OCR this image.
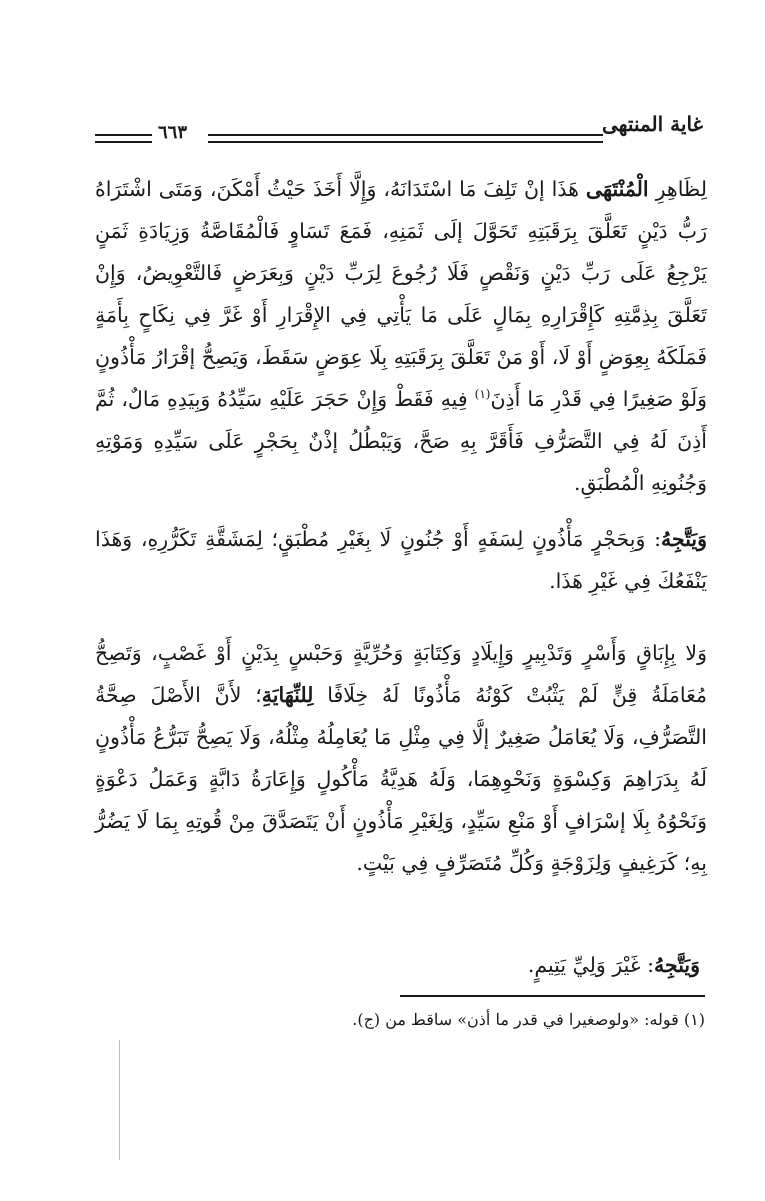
غاية المنتهى
٦٦٣
لِظَاهِرِ الْمُنْتَهَى هَذَا إنْ تَلِفَ مَا اسْتَدَانَهُ، وَإِلَّا أَخَذَ حَيْثُ أَمْكَنَ، وَمَتَى اشْتَرَاهُ رَبُّ دَيْنٍ تَعَلَّقَ بِرَقَبَتِهِ تَحَوَّلَ إلَى ثَمَنِهِ، فَمَعَ تَسَاوٍ فَالْمُقَاصَّةُ وَزِيَادَةِ ثَمَنٍ يَرْجِعُ عَلَى رَبِّ دَيْنٍ وَنَقْصٍ فَلَا رُجُوعَ لِرَبِّ دَيْنٍ وَبِعَرَضٍ فَالتَّعْوِيضُ، وَإِنْ تَعَلَّقَ بِذِمَّتِهِ كَإِقْرَارِهِ بِمَالٍ عَلَى مَا يَأْتِي فِي الإِقْرَارِ أَوْ غَرَّ فِي نِكَاحٍ بِأَمَةٍ فَمَلَكَهُ بِعِوَضٍ أَوْ لَا، أَوْ مَنْ تَعَلَّقَ بِرَقَبَتِهِ بِلَا عِوَضٍ سَقَطَ، وَيَصِحُّ إقْرَارُ مَأْذُونٍ وَلَوْ صَغِيرًا فِي قَدْرِ مَا أَذِنَ$^{(١)}$ فِيهِ فَقَطْ وَإِنْ حَجَرَ عَلَيْهِ سَيِّدُهُ وَبِيَدِهِ مَالٌ، ثُمَّ أَذِنَ لَهُ فِي التَّصَرُّفِ فَأَقَرَّ بِهِ صَحَّ، وَيَبْطُلُ إذْنٌ بِحَجْرٍ عَلَى سَيِّدِهِ وَمَوْتِهِ وَجُنُونِهِ الْمُطْبَقِ.
وَيَتَّجِهُ: وَبِحَجْرٍ مَأْذُونٍ لِسَفَهٍ أَوْ جُنُونٍ لَا بِغَيْرِ مُطْبَقٍ؛ لِمَشَقَّةِ تَكَرُّرِهِ، وَهَذَا يَنْفَعُكَ فِي غَيْرِ هَذَا.
وَلا بِإِبَاقٍ وَأَسْرٍ وَتَدْبِيرٍ وَإِيلَادٍ وَكِتَابَةٍ وَحُرِّيَّةٍ وَحَبْسٍ بِدَيْنٍ أَوْ غَصْبٍ، وَتَصِحُّ مُعَامَلَةُ قِنٍّ لَمْ يَثْبُتْ كَوْنُهُ مَأْذُونًا لَهُ خِلَافًا لِلنِّهَايَةِ؛ لأَنَّ الأَصْلَ صِحَّةُ التَّصَرُّفِ، وَلَا يُعَامَلُ صَغِيرٌ إلَّا فِي مِثْلِ مَا يُعَامِلُهُ مِثْلُهُ، وَلَا يَصِحُّ تَبَرُّعُ مَأْذُونٍ لَهُ بِدَرَاهِمَ وَكِسْوَةٍ وَنَحْوِهِمَا، وَلَهُ هَدِيَّةُ مَأْكُولٍ وَإِعَارَةُ دَابَّةٍ وَعَمَلُ دَعْوَةٍ وَنَحْوُهُ بِلَا إسْرَافٍ أَوْ مَنْعِ سَيِّدٍ، وَلِغَيْرِ مَأْذُونٍ أَنْ يَتَصَدَّقَ مِنْ قُوتِهِ بِمَا لَا يَضُرُّ بِهِ؛ كَرَغِيفٍ وَلِزَوْجَةٍ وَكُلِّ مُتَصَرِّفٍ فِي بَيْتٍ.
وَيَتَّجِهُ: غَيْرَ وَلِيِّ يَتِيمٍ.
(١) قوله: «ولوصغيرا في قدر ما أذن» ساقط من (ج).
